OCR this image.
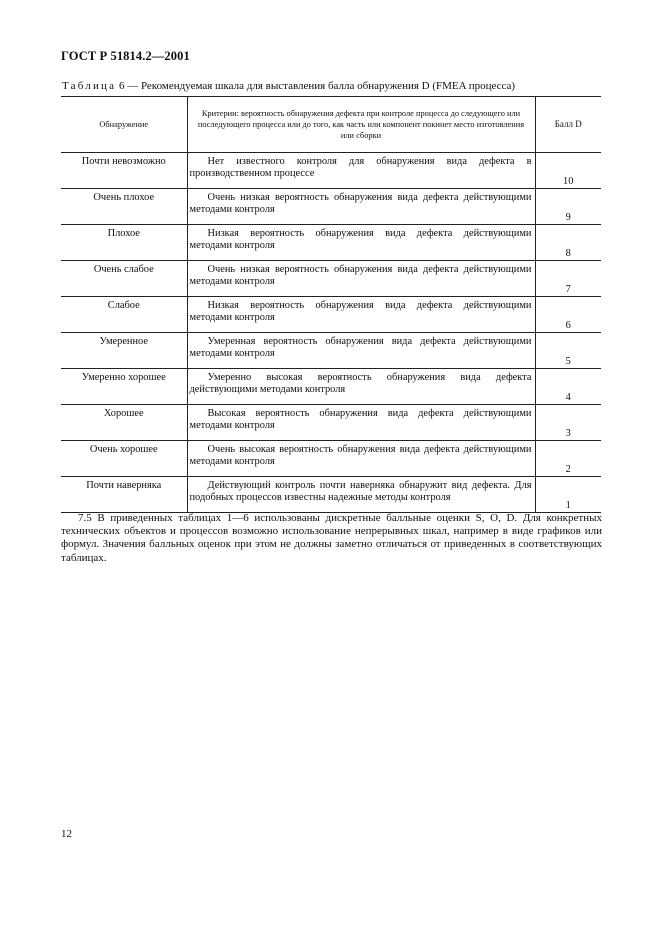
ГОСТ Р 51814.2—2001
Таблица 6 — Рекомендуемая шкала для выставления балла обнаружения D (FMEA процесса)
Обнаружение	Критерии: вероятность обнаружения дефекта при контроле процесса до следующего или последующего процесса или до того, как часть или компонент покинет место изготовления или сборки	Балл D
Почти невозможно	Нет известного контроля для обнаружения вида дефекта в производственном процессе	10
Очень плохое	Очень низкая вероятность обнаружения вида дефекта действующими методами контроля	9
Плохое	Низкая вероятность обнаружения вида дефекта действующими методами контроля	8
Очень слабое	Очень низкая вероятность обнаружения вида дефекта действующими методами контроля	7
Слабое	Низкая вероятность обнаружения вида дефекта действующими методами контроля	6
Умеренное	Умеренная вероятность обнаружения вида дефекта действующими методами контроля	5
Умеренно хорошее	Умеренно высокая вероятность обнаружения вида дефекта действующими методами контроля	4
Хорошее	Высокая вероятность обнаружения вида дефекта действующими методами контроля	3
Очень хорошее	Очень высокая вероятность обнаружения вида дефекта действующими методами контроля	2
Почти наверняка	Действующий контроль почти наверняка обнаружит вид дефекта. Для подобных процессов известны надежные методы контроля	1

7.5 В приведенных таблицах 1—6 использованы дискретные балльные оценки S, O, D. Для конкретных технических объектов и процессов возможно использование непрерывных шкал, например в виде графиков или формул. Значения балльных оценок при этом не должны заметно отличаться от приведенных в соответствующих таблицах.

12
